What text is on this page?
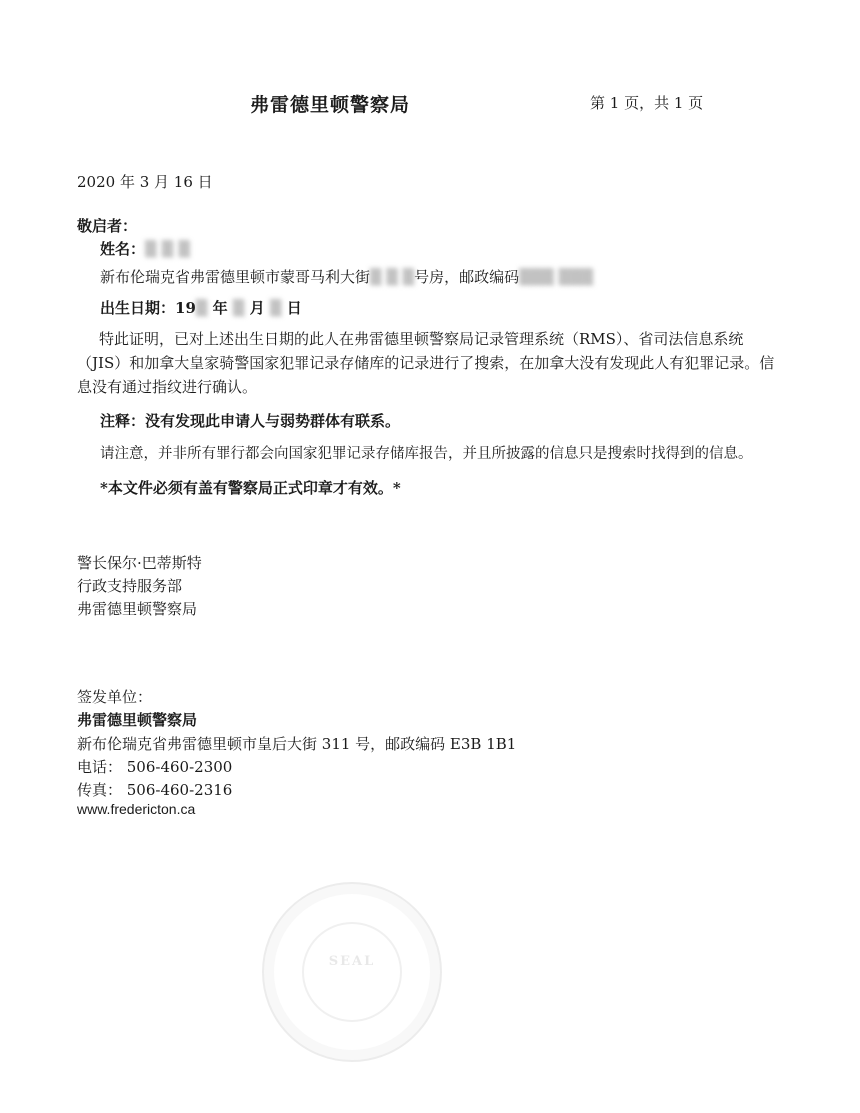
弗雷德里顿警察局	第 1 页，共 1 页
2020 年 3 月 16 日
敬启者：
姓名：▒ ▒ ▒
新布伦瑞克省弗雷德里顿市蒙哥马利大街▒ ▒ ▒号房，邮政编码▒▒▒ ▒▒▒
出生日期：19▒ 年 ▒ 月 ▒ 日
特此证明，已对上述出生日期的此人在弗雷德里顿警察局记录管理系统（RMS）、省司法信息系统（JIS）和加拿大皇家骑警国家犯罪记录存储库的记录进行了搜索，在加拿大没有发现此人有犯罪记录。信息没有通过指纹进行确认。
注释：没有发现此申请人与弱势群体有联系。
请注意，并非所有罪行都会向国家犯罪记录存储库报告，并且所披露的信息只是搜索时找得到的信息。
*本文件必须有盖有警察局正式印章才有效。*
警长保尔·巴蒂斯特
行政支持服务部
弗雷德里顿警察局
签发单位：
弗雷德里顿警察局
新布伦瑞克省弗雷德里顿市皇后大街 311 号，邮政编码 E3B 1B1
电话： 506-460-2300
传真： 506-460-2316
www.fredericton.ca
SEAL
